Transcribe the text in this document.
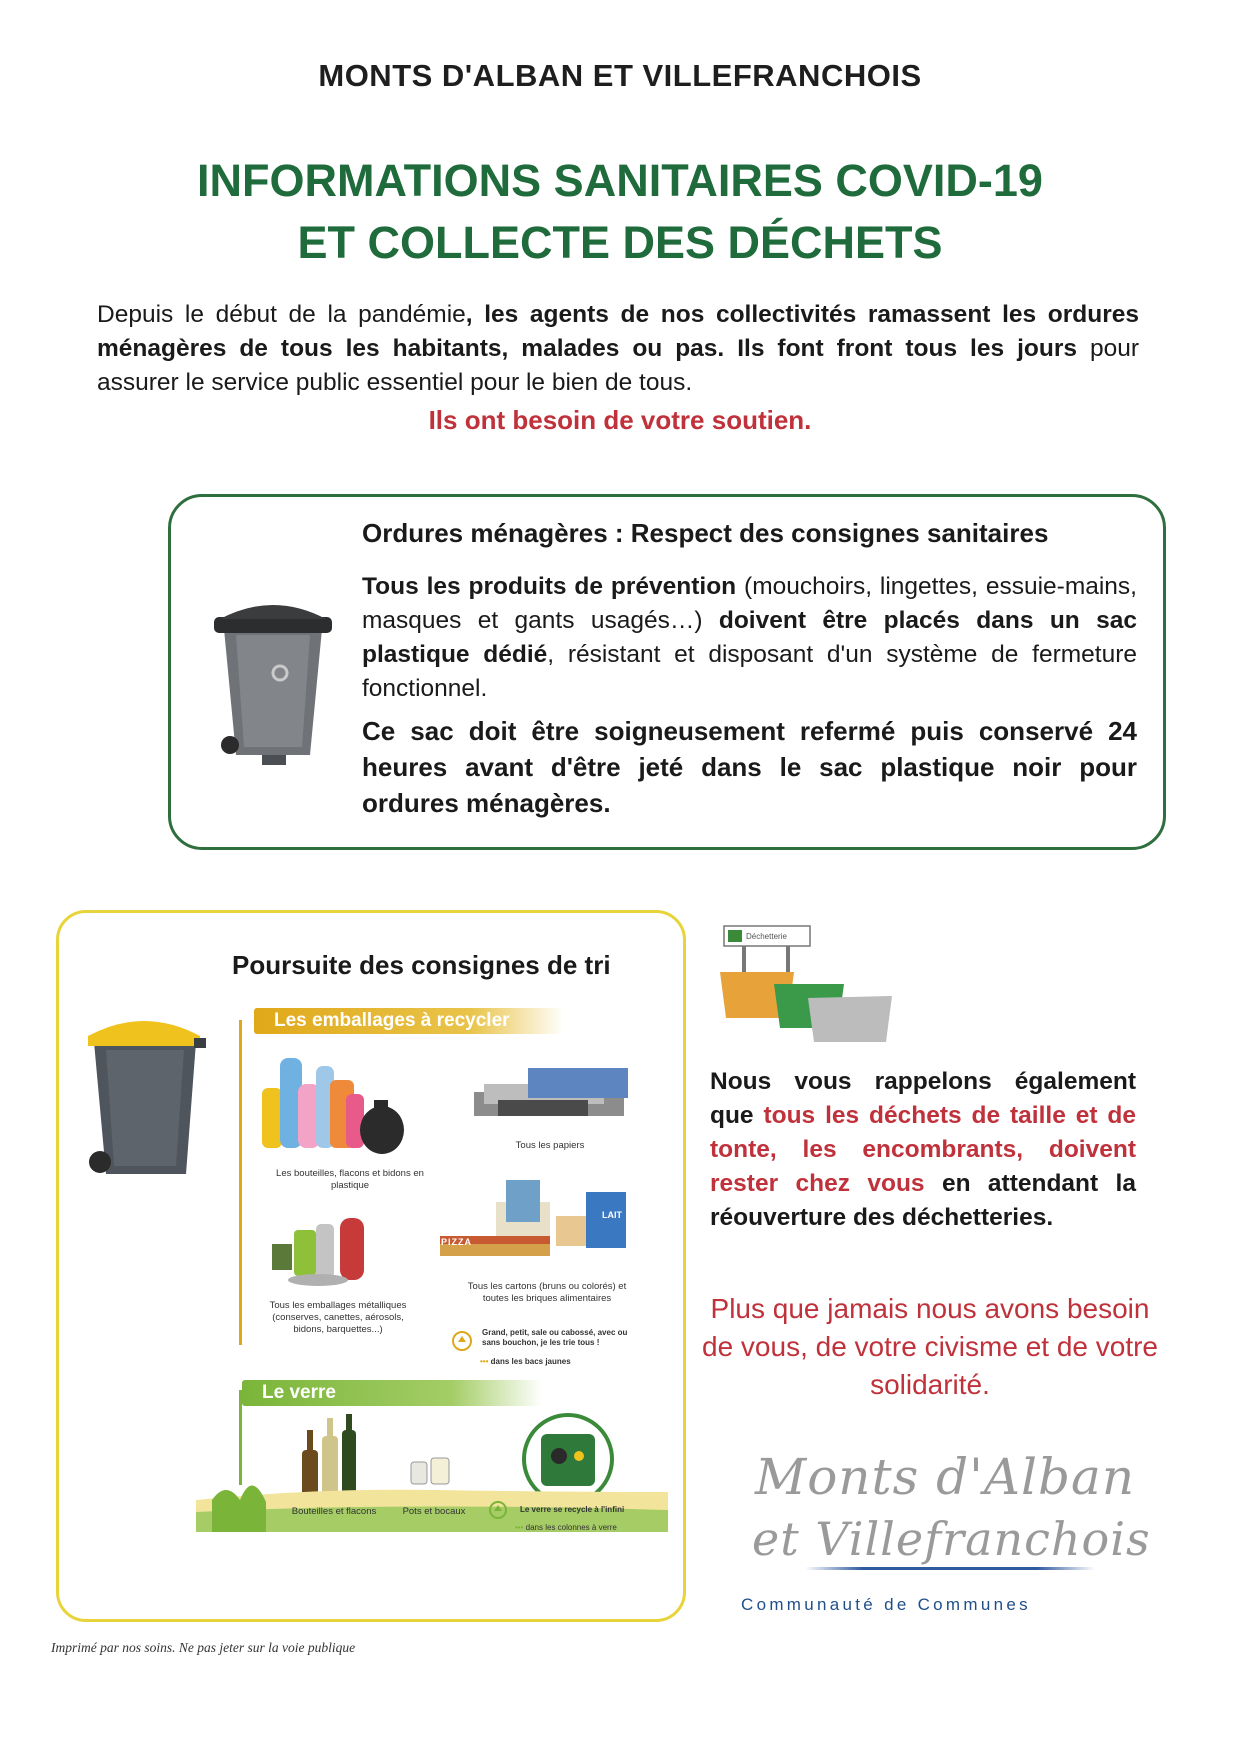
MONTS D'ALBAN ET VILLEFRANCHOIS
INFORMATIONS SANITAIRES COVID-19
ET COLLECTE DES DÉCHETS
Depuis le début de la pandémie, les agents de nos collectivités ramassent les ordures ménagères de tous les habitants, malades ou pas. Ils font front tous les jours pour assurer le service public essentiel pour le bien de tous.
Ils ont besoin de votre soutien.
Ordures ménagères : Respect des consignes sanitaires
Tous les produits de prévention (mouchoirs, lingettes, essuie-mains, masques et gants usagés…) doivent être placés dans un sac plastique dédié, résistant et disposant d'un système de fermeture fonctionnel.
Ce sac doit être soigneusement refermé puis conservé 24 heures avant d'être jeté dans le sac plastique noir pour ordures ménagères.
Poursuite des consignes de tri
Les emballages à recycler
Les bouteilles, flacons et bidons en plastique
Tous les papiers
Tous les emballages métalliques (conserves, canettes, aérosols, bidons, barquettes...)
PIZZA
LAIT
Tous les cartons (bruns ou colorés) et toutes les briques alimentaires
Grand, petit, sale ou cabossé, avec ou sans bouchon, je les trie tous !
••• dans les bacs jaunes
Le verre
Bouteilles et flacons	Pots et bocaux	Le verre se recycle à l'infini
••• dans les colonnes à verre
Déchetterie
Nous vous rappelons également que tous les déchets de taille et de tonte, les encombrants, doivent rester chez vous en attendant la réouverture des déchetteries.
Plus que jamais nous avons besoin de vous, de votre civisme et de votre solidarité.
Monts d'Alban
et Villefranchois
Communauté de Communes
Imprimé par nos soins. Ne pas jeter sur la voie publique
